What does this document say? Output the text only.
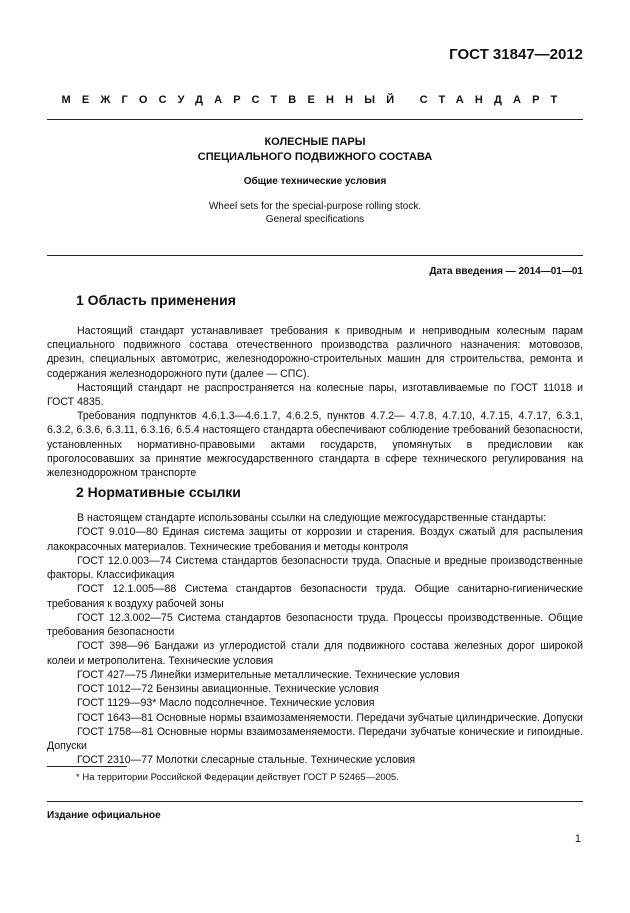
ГОСТ 31847—2012
МЕЖГОСУДАРСТВЕННЫЙ СТАНДАРТ
КОЛЕСНЫЕ ПАРЫ
СПЕЦИАЛЬНОГО ПОДВИЖНОГО СОСТАВА
Общие технические условия
Wheel sets for the special-purpose rolling stock.
General specifications
Дата введения — 2014—01—01
1 Область применения

Настоящий стандарт устанавливает требования к приводным и неприводным колесным парам специального подвижного состава отечественного производства различного назначения: мотовозов, дрезин, специальных автомотрис, железнодорожно-строительных машин для строительства, ремонта и содержания железнодорожного пути (далее — СПС).

Настоящий стандарт не распространяется на колесные пары, изготавливаемые по ГОСТ 11018 и ГОСТ 4835.

Требования подпунктов 4.6.1.3—4.6.1.7, 4.6.2.5, пунктов 4.7.2— 4.7.8, 4.7.10, 4.7.15, 4.7.17, 6.3.1, 6.3.2, 6.3.6, 6.3.11, 6.3.16, 6.5.4 настоящего стандарта обеспечивают соблюдение требований безопасности, установленных нормативно-правовыми актами государств, упомянутых в предисловии как проголосовавших за принятие межгосударственного стандарта в сфере технического регулирования на железнодорожном транспорте

2 Нормативные ссылки

В настоящем стандарте использованы ссылки на следующие межгосударственные стандарты:

ГОСТ 9.010—80 Единая система защиты от коррозии и старения. Воздух сжатый для распыления лакокрасочных материалов. Технические требования и методы контроля

ГОСТ 12.0.003—74 Система стандартов безопасности труда. Опасные и вредные производственные факторы. Классификация

ГОСТ 12.1.005—88 Система стандартов безопасности труда. Общие санитарно-гигиенические требования к воздуху рабочей зоны

ГОСТ 12.3.002—75 Система стандартов безопасности труда. Процессы производственные. Общие требования безопасности

ГОСТ 398—96 Бандажи из углеродистой стали для подвижного состава железных дорог широкой колеи и метрополитена. Технические условия

ГОСТ 427—75 Линейки измерительные металлические. Технические условия

ГОСТ 1012—72 Бензины авиационные. Технические условия

ГОСТ 1129—93* Масло подсолнечное. Технические условия

ГОСТ 1643—81 Основные нормы взаимозаменяемости. Передачи зубчатые цилиндрические. Допуски

ГОСТ 1758—81 Основные нормы взаимозаменяемости. Передачи зубчатые конические и гипоидные. Допуски

ГОСТ 2310—77 Молотки слесарные стальные. Технические условия

* На территории Российской Федерации действует ГОСТ Р 52465—2005.
Издание официальное
1
